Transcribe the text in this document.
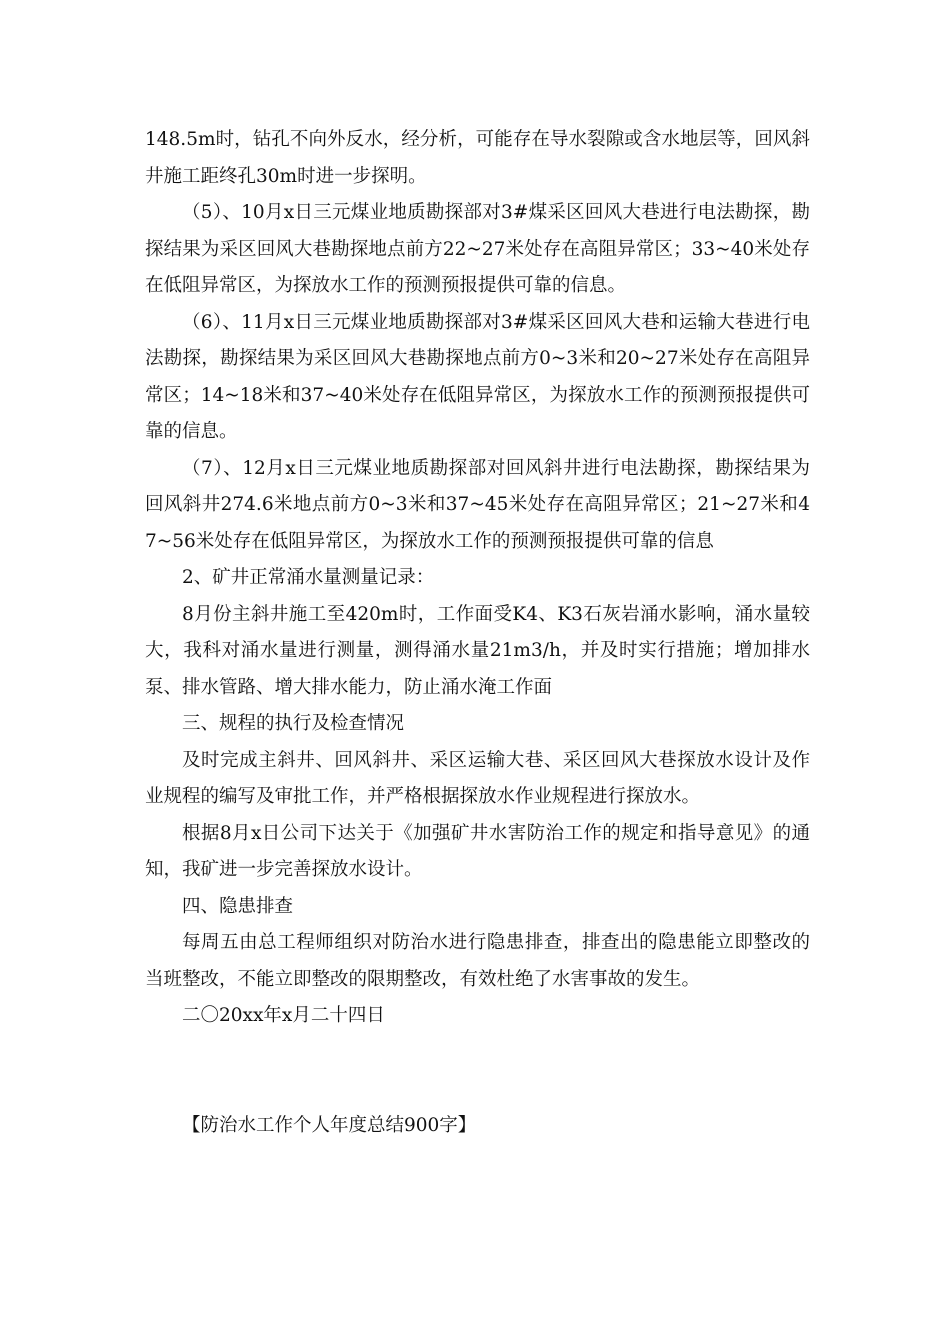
148.5m时，钻孔不向外反水，经分析，可能存在导水裂隙或含水地层等，回风斜井施工距终孔30m时进一步探明。

（5）、10月x日三元煤业地质勘探部对3#煤采区回风大巷进行电法勘探，勘探结果为采区回风大巷勘探地点前方22~27米处存在高阻异常区；33~40米处存在低阻异常区，为探放水工作的预测预报提供可靠的信息。

（6）、11月x日三元煤业地质勘探部对3#煤采区回风大巷和运输大巷进行电法勘探，勘探结果为采区回风大巷勘探地点前方0~3米和20~27米处存在高阻异常区；14~18米和37~40米处存在低阻异常区，为探放水工作的预测预报提供可靠的信息。

（7）、12月x日三元煤业地质勘探部对回风斜井进行电法勘探，勘探结果为回风斜井274.6米地点前方0~3米和37~45米处存在高阻异常区；21~27米和47~56米处存在低阻异常区，为探放水工作的预测预报提供可靠的信息

2、矿井正常涌水量测量记录：

8月份主斜井施工至420m时，工作面受K4、K3石灰岩涌水影响，涌水量较大，我科对涌水量进行测量，测得涌水量21m3/h，并及时实行措施；增加排水泵、排水管路、增大排水能力，防止涌水淹工作面

三、规程的执行及检查情况

及时完成主斜井、回风斜井、采区运输大巷、采区回风大巷探放水设计及作业规程的编写及审批工作，并严格根据探放水作业规程进行探放水。

根据8月x日公司下达关于《加强矿井水害防治工作的规定和指导意见》的通知，我矿进一步完善探放水设计。

四、隐患排查

每周五由总工程师组织对防治水进行隐患排查，排查出的隐患能立即整改的当班整改，不能立即整改的限期整改，有效杜绝了水害事故的发生。

二〇20xx年x月二十四日

【防治水工作个人年度总结900字】
